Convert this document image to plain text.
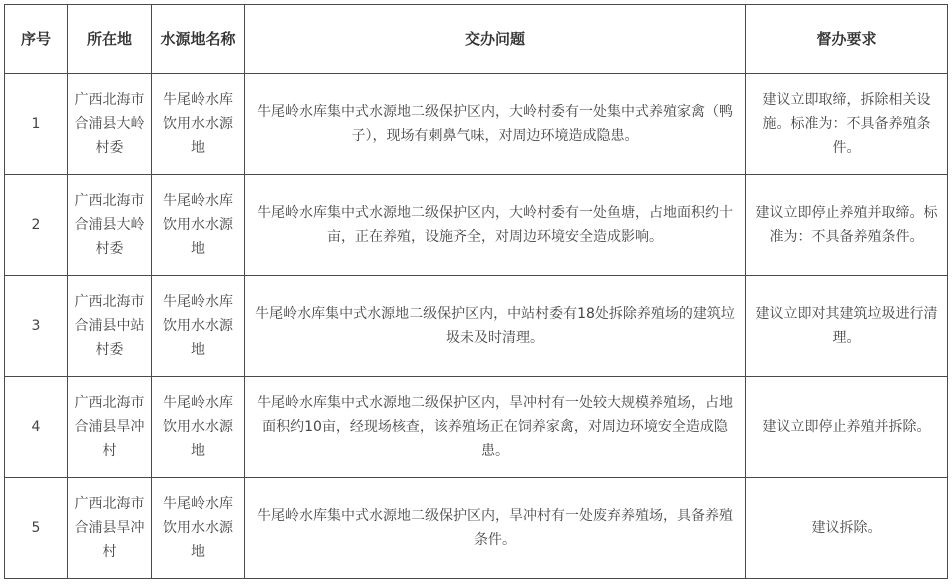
序号	所在地	水源地名称	交办问题	督办要求
1	广西北海市合浦县大岭村委	牛尾岭水库饮用水水源地	牛尾岭水库集中式水源地二级保护区内，大岭村委有一处集中式养殖家禽（鸭子），现场有刺鼻气味，对周边环境造成隐患。	建议立即取缔，拆除相关设施。标准为：不具备养殖条件。
2	广西北海市合浦县大岭村委	牛尾岭水库饮用水水源地	牛尾岭水库集中式水源地二级保护区内，大岭村委有一处鱼塘，占地面积约十亩，正在养殖，设施齐全，对周边环境安全造成影响。	建议立即停止养殖并取缔。标准为：不具备养殖条件。
3	广西北海市合浦县中站村委	牛尾岭水库饮用水水源地	牛尾岭水库集中式水源地二级保护区内，中站村委有18处拆除养殖场的建筑垃圾未及时清理。	建议立即对其建筑垃圾进行清理。
4	广西北海市合浦县旱冲村	牛尾岭水库饮用水水源地	牛尾岭水库集中式水源地二级保护区内，旱冲村有一处较大规模养殖场，占地面积约10亩，经现场核查，该养殖场正在饲养家禽，对周边环境安全造成隐患。	建议立即停止养殖并拆除。
5	广西北海市合浦县旱冲村	牛尾岭水库饮用水水源地	牛尾岭水库集中式水源地二级保护区内，旱冲村有一处废弃养殖场，具备养殖条件。	建议拆除。
